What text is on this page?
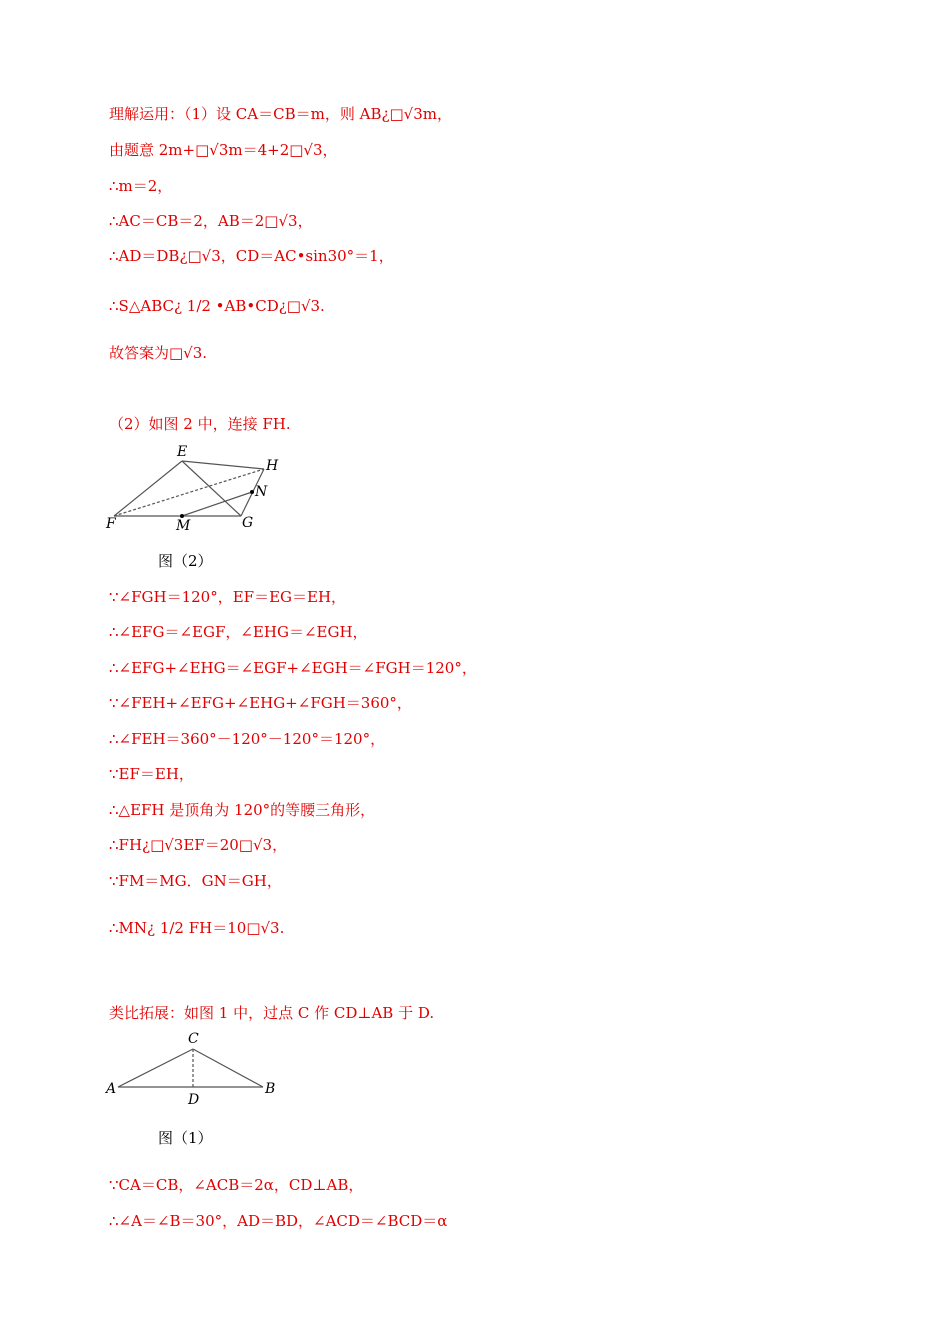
理解运用：（1）设 CA＝CB＝m，则 AB¿□√3m，
由题意 2m+□√3m＝4+2□√3，
∴m＝2，
∴AC＝CB＝2，AB＝2□√3，
∴AD＝DB¿□√3，CD＝AC•sin30°＝1，
∴S△ABC¿ 1/2 •AB•CD¿□√3.
故答案为□√3.
（2）如图 2 中，连接 FH.
E
H
N
F	M	G
图（2）
∵∠FGH＝120°，EF＝EG＝EH，
∴∠EFG＝∠EGF，∠EHG＝∠EGH，
∴∠EFG+∠EHG＝∠EGF+∠EGH＝∠FGH＝120°，
∵∠FEH+∠EFG+∠EHG+∠FGH＝360°，
∴∠FEH＝360°－120°－120°＝120°，
∵EF＝EH，
∴△EFH 是顶角为 120°的等腰三角形，
∴FH¿□√3EF＝20□√3，
∵FM＝MG．GN＝GH，
∴MN¿ 1/2 FH＝10□√3.
类比拓展：如图 1 中，过点 C 作 CD⊥AB 于 D.
C
A
D
B
图（1）
∵CA＝CB，∠ACB＝2α，CD⊥AB，
∴∠A＝∠B＝30°，AD＝BD，∠ACD＝∠BCD＝α
